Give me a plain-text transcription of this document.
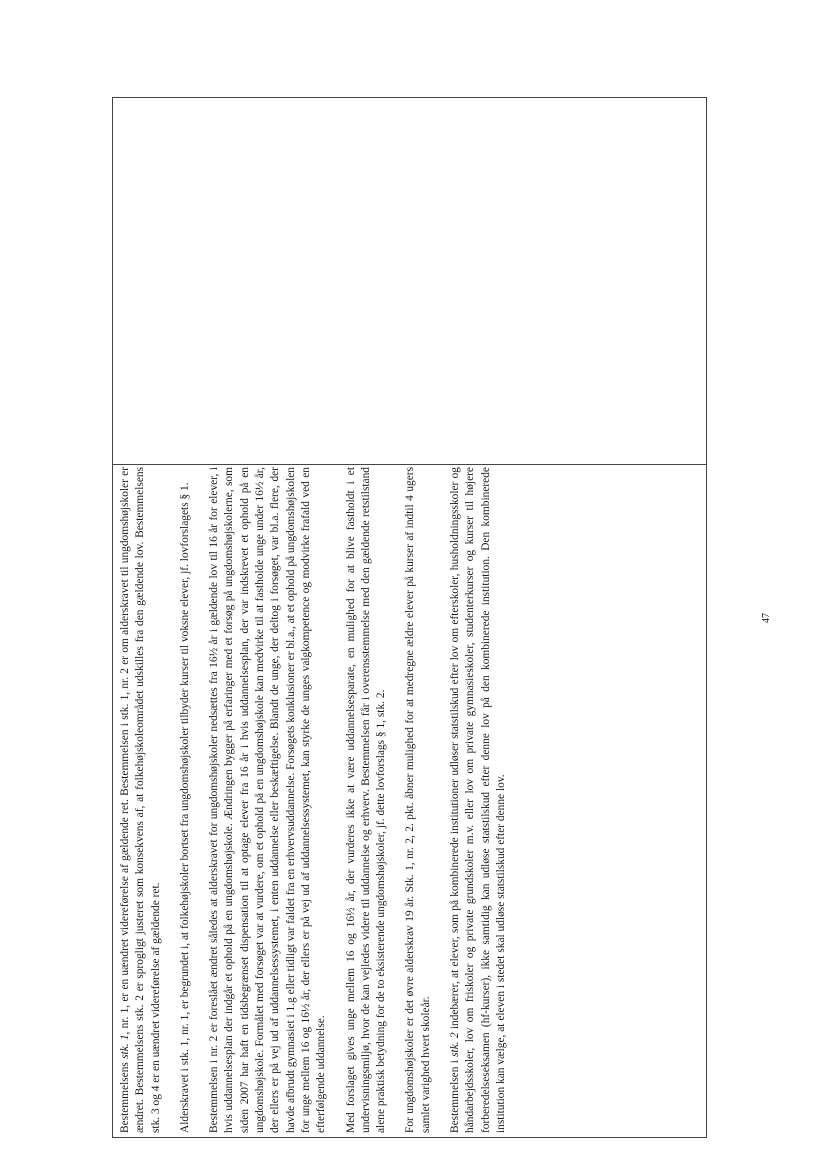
Bestemmelsens stk. 1, nr. 1, er en uændret videreførelse af gældende ret. Bestemmelsen i stk. 1, nr. 2 er om alderskravet til ungdomshøjskoler er ændret. Bestemmelsens stk. 2 er sprogligt justeret som konsekvens af, at folkehøjskoleområdet udskilles fra den gældende lov. Bestemmelsens stk. 3 og 4 er en uændret videreførelse af gældende ret. Alderskravet i stk. 1, nr. 1, er begrundet i, at folkehøjskoler bortset fra ungdomshøjskoler tilbyder kurser til voksne elever, jf. lovforslagets § 1. Bestemmelsen i nr. 2 er foreslået ændret således at alderskravet for ungdomshøjskoler nedsættes fra 16½ år i gældende lov til 16 år for elever, i hvis uddannelsesplan der indgår et ophold på en ungdomshøjskole. Ændringen bygger på erfaringer med et forsøg på ungdomshøjskolerne, som siden 2007 har haft en tidsbegrænset dispensation til at optage elever fra 16 år i hvis uddannelsesplan, der var indskrevet et ophold på en ungdomshøjskole. Formålet med forsøget var at vurdere, om et ophold på en ungdomshøjskole kan medvirke til at fastholde unge under 16½ år, der ellers er på vej ud af uddannelsessystemet, i enten uddannelse eller beskæftigelse. Blandt de unge, der deltog i forsøget, var bl.a. flere, der havde afbrudt gymnasiet i 1.g eller tidligt var faldet fra en erhvervsuddannelse. Forsøgets konklusioner er bl.a., at et ophold på ungdomshøjskolen for unge mellem 16 og 16½ år, der ellers er på vej ud af uddannelsessystemet, kan styrke de unges valgkompetence og modvirke frafald ved en efterfølgende uddannelse. Med forslaget gives unge mellem 16 og 16½ år, der vurderes ikke at være uddannelsesparate, en mulighed for at blive fastholdt i et undervisningsmiljø, hvor de kan vejledes videre til uddannelse og erhverv. Bestemmelsen får i overensstemmelse med den gældende retstilstand alene praktisk betydning for de to eksisterende ungdomshøjskoler, jf. dette lovforslags § 1, stk. 2. For ungdomshøjskoler er det øvre alderskrav 19 år. Stk. 1, nr. 2, 2. pkt. åbner mulighed for at medregne ældre elever på kurser af indtil 4 ugers samlet varighed hvert skoleår. Bestemmelsen i stk. 2 indebærer, at elever, som på kombinerede institutioner udløser statstilskud efter lov om efterskoler, husholdningsskoler og håndarbejdsskoler, lov om friskoler og private grundskoler m.v. eller lov om private gymnasieskoler, studenterkurser og kurser til højere forberedelseseksamen (hf-kurser), ikke samtidig kan udløse statstilskud efter denne lov på den kombinerede institution. Den kombinerede institution kan vælge, at eleven i stedet skal udløse statstilskud efter denne lov.

47
